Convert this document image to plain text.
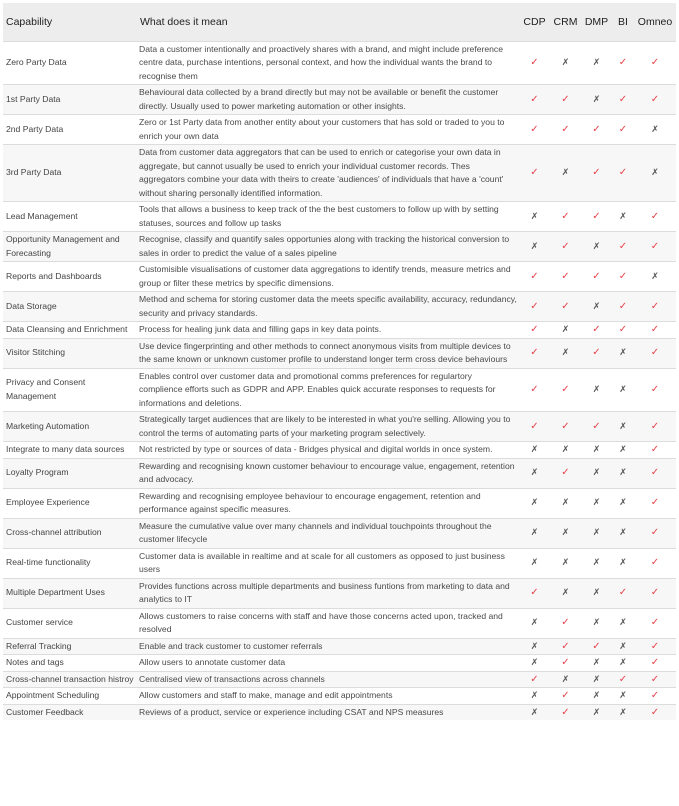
Capability	What does it mean	CDP	CRM	DMP	BI	Omneo
Zero Party Data	Data a customer intentionally and proactively shares with a brand, and might include preference centre data, purchase intentions, personal context, and how the individual wants the brand to recognise them	✓	✗	✗	✓	✓
1st Party Data	Behavioural data collected by a brand directly but may not be available or benefit the customer directly. Usually used to power marketing automation or other insights.	✓	✓	✗	✓	✓
2nd Party Data	Zero or 1st Party data from another entity about your customers that has sold or traded to you to enrich your own data	✓	✓	✓	✓	✗
3rd Party Data	Data from customer data aggregators that can be used to enrich or categorise your own data in aggregate, but cannot usually be used to enrich your individual customer records. Thes aggregators combine your data with theirs to create 'audiences' of individuals that have a 'count' without sharing personally identified information.	✓	✗	✓	✓	✗
Lead Management	Tools that allows a business to keep track of the the best customers to follow up with by setting statuses, sources and follow up tasks	✗	✓	✓	✗	✓
Opportunity Management and Forecasting	Recognise, classify and quantify sales opportunies along with tracking the historical conversion to sales in order to predict the value of a sales pipeline	✗	✓	✗	✓	✓
Reports and Dashboards	Customisible visualisations of customer data aggregations to identify trends, measure metrics and group or filter these metrics by specific dimensions.	✓	✓	✓	✓	✗
Data Storage	Method and schema for storing customer data the meets specific availability, accuracy, redundancy, security and privacy standards.	✓	✓	✗	✓	✓
Data Cleansing and Enrichment	Process for healing junk data and filling gaps in key data points.	✓	✗	✓	✓	✓
Visitor Stitching	Use device fingerprinting and other methods to connect anonymous visits from multiple devices to the same known or unknown customer profile to understand longer term cross device behaviours	✓	✗	✓	✗	✓
Privacy and Consent Management	Enables control over customer data and promotional comms preferences for regulartory complience efforts such as GDPR and APP. Enables quick accurate responses to requests for informations and deletions.	✓	✓	✗	✗	✓
Marketing Automation	Strategically target audiences that are likely to be interested in what you're selling. Allowing you to control the terms of automating parts of your marketing program selectively.	✓	✓	✓	✗	✓
Integrate to many data sources	Not restricted by type or sources of data - Bridges physical and digital worlds in once system.	✗	✗	✗	✗	✓
Loyalty Program	Rewarding and recognising known customer behaviour to encourage value, engagement, retention and advocacy.	✗	✓	✗	✗	✓
Employee Experience	Rewarding and recognising employee behaviour to encourage engagement, retention and performance against specific measures.	✗	✗	✗	✗	✓
Cross-channel attribution	Measure the cumulative value over many channels and individual touchpoints throughout the customer lifecycle	✗	✗	✗	✗	✓
Real-time functionality	Customer data is available in realtime and at scale for all customers as opposed to just business users	✗	✗	✗	✗	✓
Multiple Department Uses	Provides functions across multiple departments and business funtions from marketing to data and analytics to IT	✓	✗	✗	✓	✓
Customer service	Allows customers to raise concerns with staff and have those concerns acted upon, tracked and resolved	✗	✓	✗	✗	✓
Referral Tracking	Enable and track customer to customer referrals	✗	✓	✓	✗	✓
Notes and tags	Allow users to annotate customer data	✗	✓	✗	✗	✓
Cross-channel transaction histroy	Centralised view of transactions across channels	✓	✗	✗	✓	✓
Appointment Scheduling	Allow customers and staff to make, manage and edit appointments	✗	✓	✗	✗	✓
Customer Feedback	Reviews of a product, service or experience including CSAT and NPS measures	✗	✓	✗	✗	✓
